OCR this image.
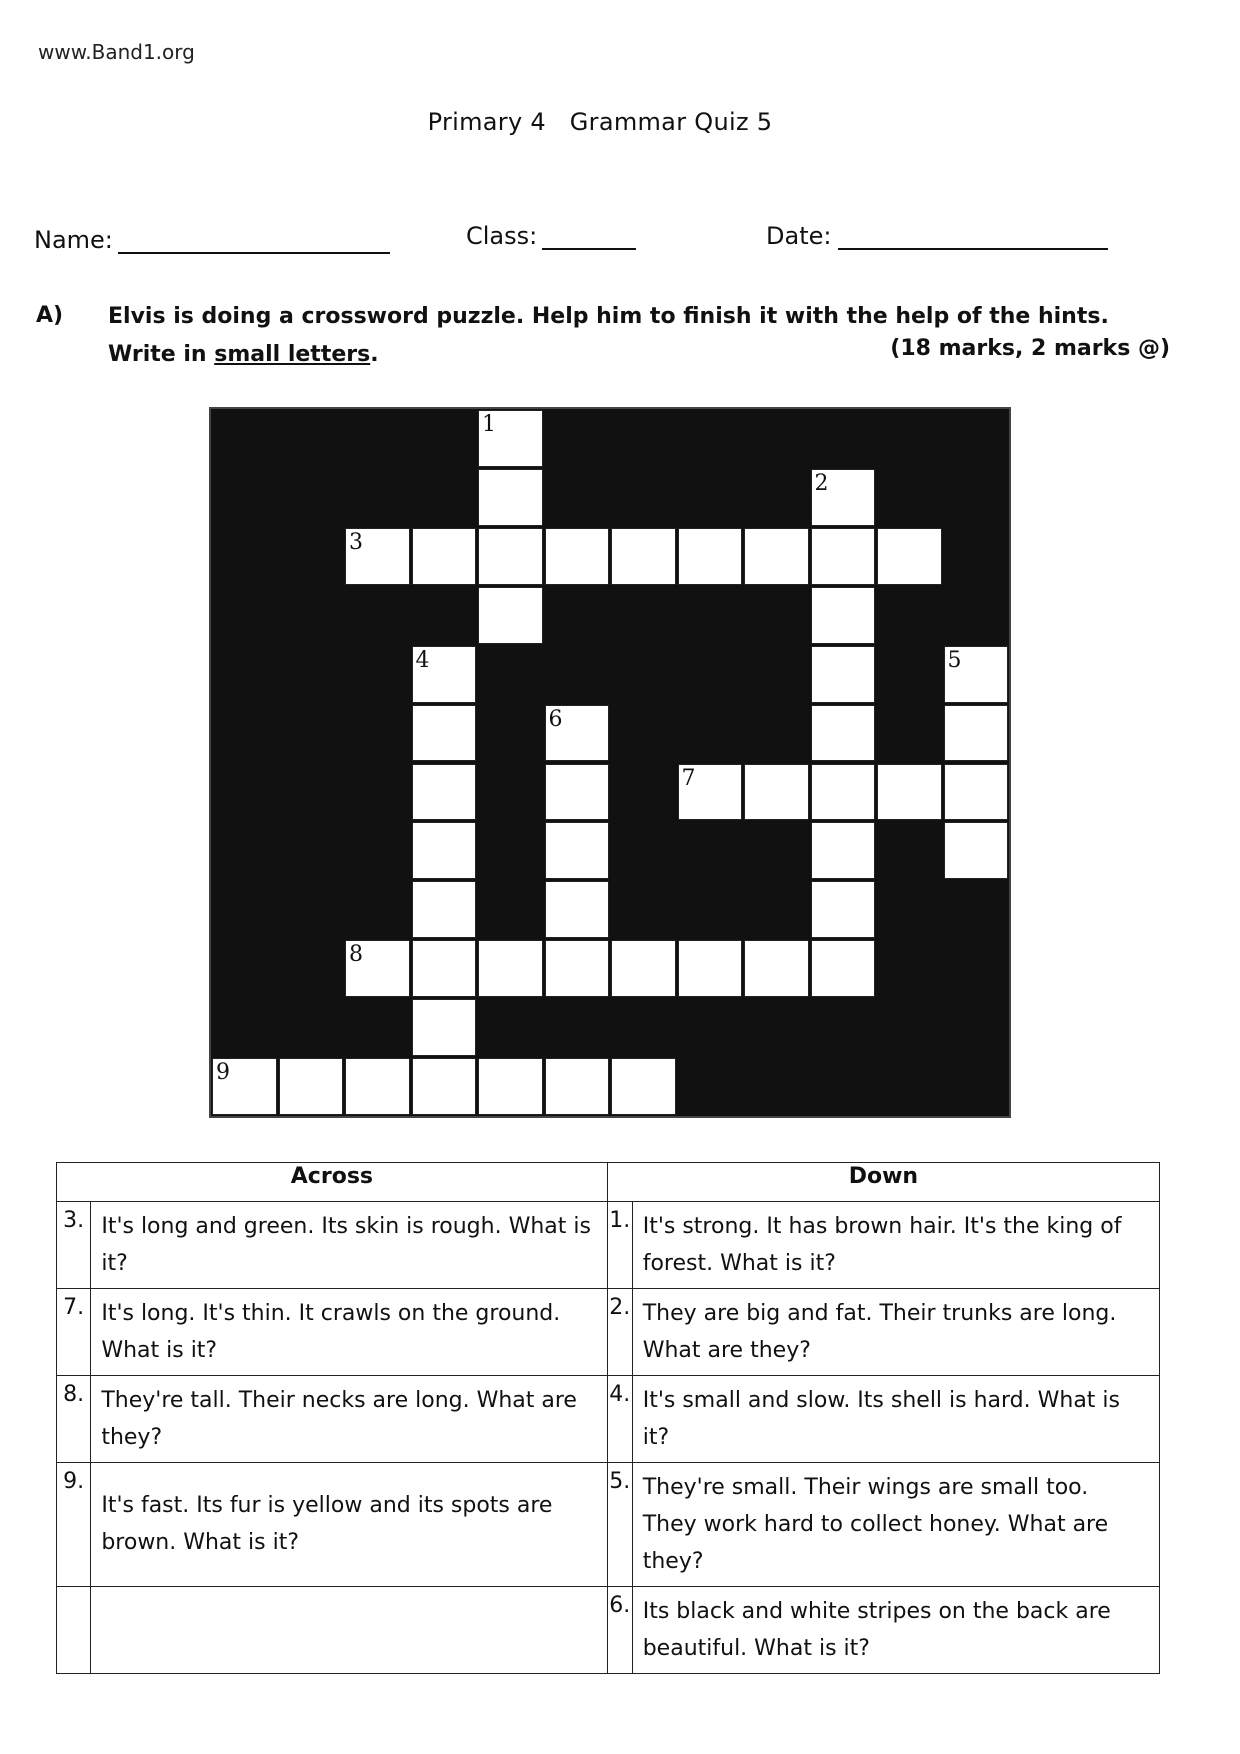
www.Band1.org
Primary 4   Grammar Quiz 5
Name:	Class:	Date:
A) Elvis is doing a crossword puzzle. Help him to finish it with the help of the hints. Write in small letters.	(18 marks, 2 marks @)
1
2
3
4	5
6
7
8
9
Across		Down	
3.	It's long and green. Its skin is rough. What is it?	1.	It's strong. It has brown hair. It's the king of forest. What is it?
7.	It's long. It's thin. It crawls on the ground. What is it?	2.	They are big and fat. Their trunks are long. What are they?
8.	They're tall. Their necks are long. What are they?	4.	It's small and slow. Its shell is hard. What is it?
9.	It's fast. Its fur is yellow and its spots are brown. What is it?	5.	They're small. Their wings are small too. They work hard to collect honey. What are they?
		6.	Its black and white stripes on the back are beautiful. What is it?
